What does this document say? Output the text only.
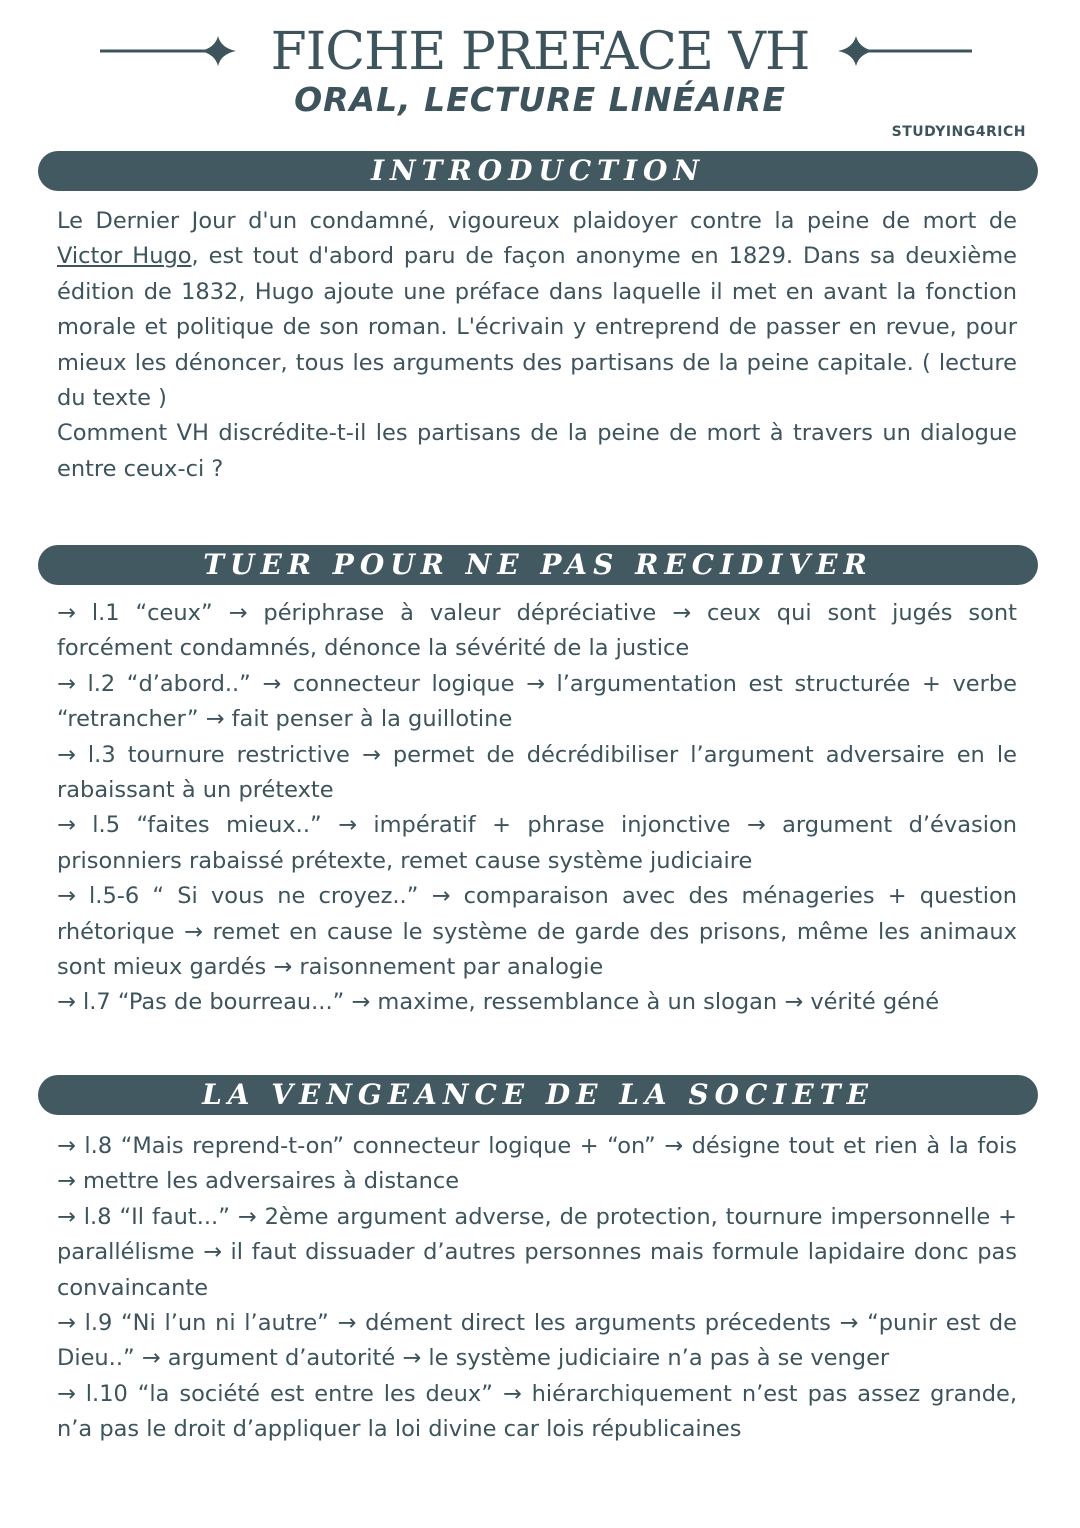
FICHE PREFACE VH
ORAL, LECTURE LINÉAIRE
STUDYING4RICH
INTRODUCTION

Le Dernier Jour d'un condamné, vigoureux plaidoyer contre la peine de mort de Victor Hugo, est tout d'abord paru de façon anonyme en 1829. Dans sa deuxième édition de 1832, Hugo ajoute une préface dans laquelle il met en avant la fonction morale et politique de son roman. L'écrivain y entreprend de passer en revue, pour mieux les dénoncer, tous les arguments des partisans de la peine capitale. ( lecture du texte )

Comment VH discrédite-t-il les partisans de la peine de mort à travers un dialogue entre ceux-ci ?

TUER POUR NE PAS RECIDIVER

→ l.1 “ceux” → périphrase à valeur dépréciative → ceux qui sont jugés sont forcément condamnés, dénonce la sévérité de la justice

→ l.2 “d’abord..” → connecteur logique → l’argumentation est structurée + verbe “retrancher” → fait penser à la guillotine

→ l.3 tournure restrictive → permet de décrédibiliser l’argument adversaire en le rabaissant à un prétexte

→ l.5 “faites mieux..” → impératif + phrase injonctive → argument d’évasion prisonniers rabaissé prétexte, remet cause système judiciaire

→ l.5-6 “ Si vous ne croyez..” → comparaison avec des ménageries + question rhétorique → remet en cause le système de garde des prisons, même les animaux sont mieux gardés → raisonnement par analogie

→ l.7 “Pas de bourreau...” → maxime, ressemblance à un slogan → vérité géné

LA VENGEANCE DE LA SOCIETE

→ l.8 “Mais reprend-t-on” connecteur logique + “on” → désigne tout et rien à la fois → mettre les adversaires à distance

→ l.8 “Il faut...” → 2ème argument adverse, de protection, tournure impersonnelle + parallélisme → il faut dissuader d’autres personnes mais formule lapidaire donc pas convaincante

→ l.9 “Ni l’un ni l’autre” → dément direct les arguments précedents → “punir est de Dieu..” → argument d’autorité → le système judiciaire n’a pas à se venger

→ l.10 “la société est entre les deux” → hiérarchiquement n’est pas assez grande, n’a pas le droit d’appliquer la loi divine car lois républicaines
